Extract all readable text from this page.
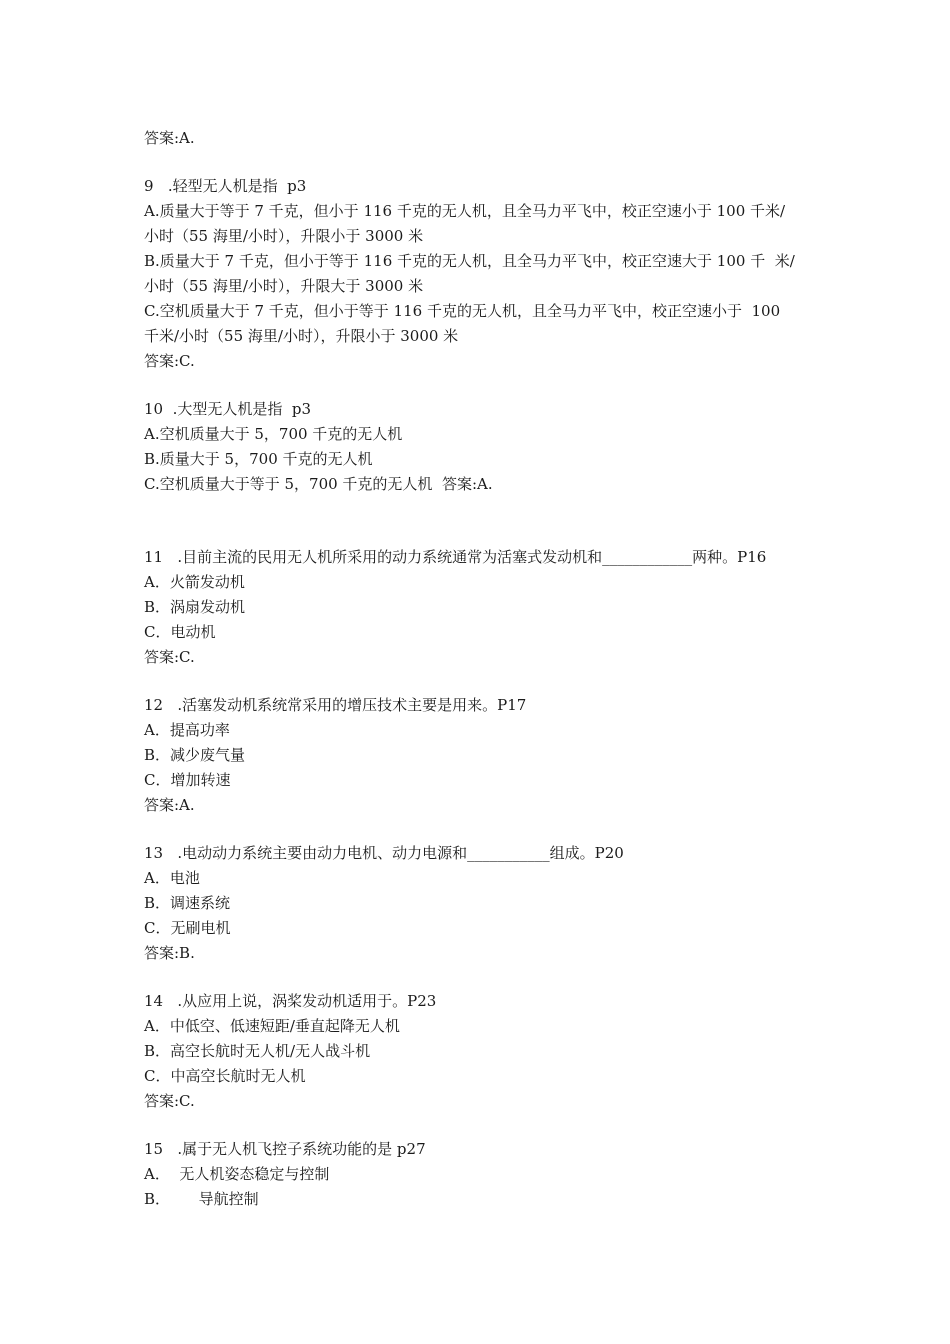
答案:A.
9   .轻型无人机是指  p3
A.质量大于等于 7 千克，但小于 116 千克的无人机，且全马力平飞中，校正空速小于 100 千米/
小时（55 海里/小时），升限小于 3000 米
B.质量大于 7 千克，但小于等于 116 千克的无人机，且全马力平飞中，校正空速大于 100 千  米/
小时（55 海里/小时），升限大于 3000 米
C.空机质量大于 7 千克，但小于等于 116 千克的无人机，且全马力平飞中，校正空速小于  100
千米/小时（55 海里/小时），升限小于 3000 米
答案:C.
10  .大型无人机是指  p3
A.空机质量大于 5，700 千克的无人机
B.质量大于 5，700 千克的无人机
C.空机质量大于等于 5，700 千克的无人机  答案:A.
11   .目前主流的民用无人机所采用的动力系统通常为活塞式发动机和____________两种。P16
A．火箭发动机
B．涡扇发动机
C．电动机
答案:C.
12   .活塞发动机系统常采用的增压技术主要是用来。P17
A．提高功率
B．减少废气量
C．增加转速
答案:A.
13   .电动动力系统主要由动力电机、动力电源和___________组成。P20
A．电池
B．调速系统
C．无刷电机
答案:B.
14   .从应用上说，涡桨发动机适用于。P23
A．中低空、低速短距/垂直起降无人机
B．高空长航时无人机/无人战斗机
C．中高空长航时无人机
答案:C.
15   .属于无人机飞控子系统功能的是 p27
A．  无人机姿态稳定与控制
B．      导航控制
